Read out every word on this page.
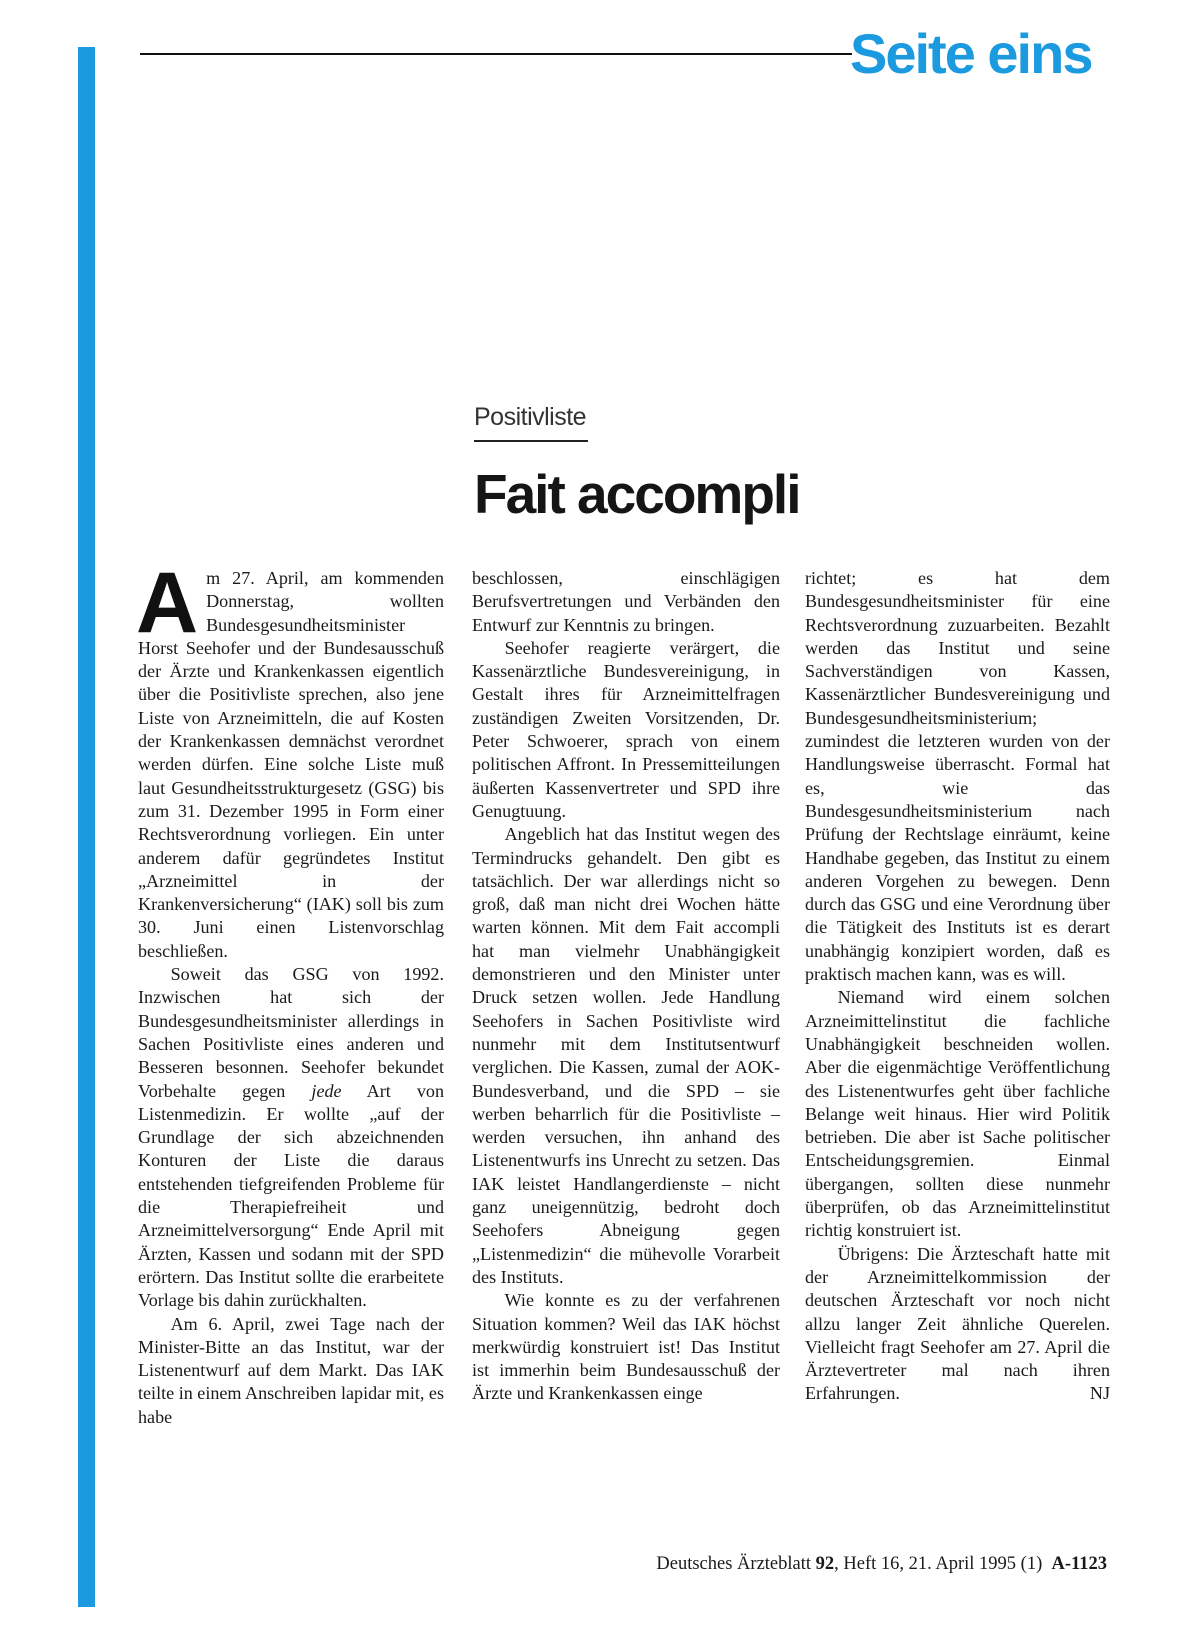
Seite eins
Positivliste
Fait accompli

Am 27. April, am kommenden Donnerstag, wollten Bundesgesundheitsminister Horst Seehofer und der Bundesausschuß der Ärzte und Krankenkassen eigentlich über die Positivliste sprechen, also jene Liste von Arzneimitteln, die auf Kosten der Krankenkassen demnächst verordnet werden dürfen. Eine solche Liste muß laut Gesundheitsstrukturgesetz (GSG) bis zum 31. Dezember 1995 in Form einer Rechtsverordnung vorliegen. Ein unter anderem dafür gegründetes Institut „Arzneimittel in der Krankenversicherung“ (IAK) soll bis zum 30. Juni einen Listenvorschlag beschließen.

Soweit das GSG von 1992. Inzwischen hat sich der Bundesgesundheitsminister allerdings in Sachen Positivliste eines anderen und Besseren besonnen. Seehofer bekundet Vorbehalte gegen jede Art von Listenmedizin. Er wollte „auf der Grundlage der sich abzeichnenden Konturen der Liste die daraus entstehenden tiefgreifenden Probleme für die Therapiefreiheit und Arzneimittelversorgung“ Ende April mit Ärzten, Kassen und sodann mit der SPD erörtern. Das Institut sollte die erarbeitete Vorlage bis dahin zurückhalten.

Am 6. April, zwei Tage nach der Minister-Bitte an das Institut, war der Listenentwurf auf dem Markt. Das IAK teilte in einem Anschreiben lapidar mit, es habe

beschlossen, einschlägigen Berufsvertretungen und Verbänden den Entwurf zur Kenntnis zu bringen.

Seehofer reagierte verärgert, die Kassenärztliche Bundesvereinigung, in Gestalt ihres für Arzneimittelfragen zuständigen Zweiten Vorsitzenden, Dr. Peter Schwoerer, sprach von einem politischen Affront. In Pressemitteilungen äußerten Kassenvertreter und SPD ihre Genugtuung.

Angeblich hat das Institut wegen des Termindrucks gehandelt. Den gibt es tatsächlich. Der war allerdings nicht so groß, daß man nicht drei Wochen hätte warten können. Mit dem Fait accompli hat man vielmehr Unabhängigkeit demonstrieren und den Minister unter Druck setzen wollen. Jede Handlung Seehofers in Sachen Positivliste wird nunmehr mit dem Institutsentwurf verglichen. Die Kassen, zumal der AOK-Bundesverband, und die SPD – sie werben beharrlich für die Positivliste – werden versuchen, ihn anhand des Listenentwurfs ins Unrecht zu setzen. Das IAK leistet Handlangerdienste – nicht ganz uneigennützig, bedroht doch Seehofers Abneigung gegen „Listenmedizin“ die mühevolle Vorarbeit des Instituts.

Wie konnte es zu der verfahrenen Situation kommen? Weil das IAK höchst merkwürdig konstruiert ist! Das Institut ist immerhin beim Bundesausschuß der Ärzte und Krankenkassen einge

richtet; es hat dem Bundesgesundheitsminister für eine Rechtsverordnung zuzuarbeiten. Bezahlt werden das Institut und seine Sachverständigen von Kassen, Kassenärztlicher Bundesvereinigung und Bundesgesundheitsministerium; zumindest die letzteren wurden von der Handlungsweise überrascht. Formal hat es, wie das Bundesgesundheitsministerium nach Prüfung der Rechtslage einräumt, keine Handhabe gegeben, das Institut zu einem anderen Vorgehen zu bewegen. Denn durch das GSG und eine Verordnung über die Tätigkeit des Instituts ist es derart unabhängig konzipiert worden, daß es praktisch machen kann, was es will.

Niemand wird einem solchen Arzneimittelinstitut die fachliche Unabhängigkeit beschneiden wollen. Aber die eigenmächtige Veröffentlichung des Listenentwurfes geht über fachliche Belange weit hinaus. Hier wird Politik betrieben. Die aber ist Sache politischer Entscheidungsgremien. Einmal übergangen, sollten diese nunmehr überprüfen, ob das Arzneimittelinstitut richtig konstruiert ist.

Übrigens: Die Ärzteschaft hatte mit der Arzneimittelkommission der deutschen Ärzteschaft vor noch nicht allzu langer Zeit ähnliche Querelen. Vielleicht fragt Seehofer am 27. April die Ärztevertreter mal nach ihren Erfahrungen.	NJ
Deutsches Ärzteblatt 92, Heft 16, 21. April 1995 (1) A-1123
